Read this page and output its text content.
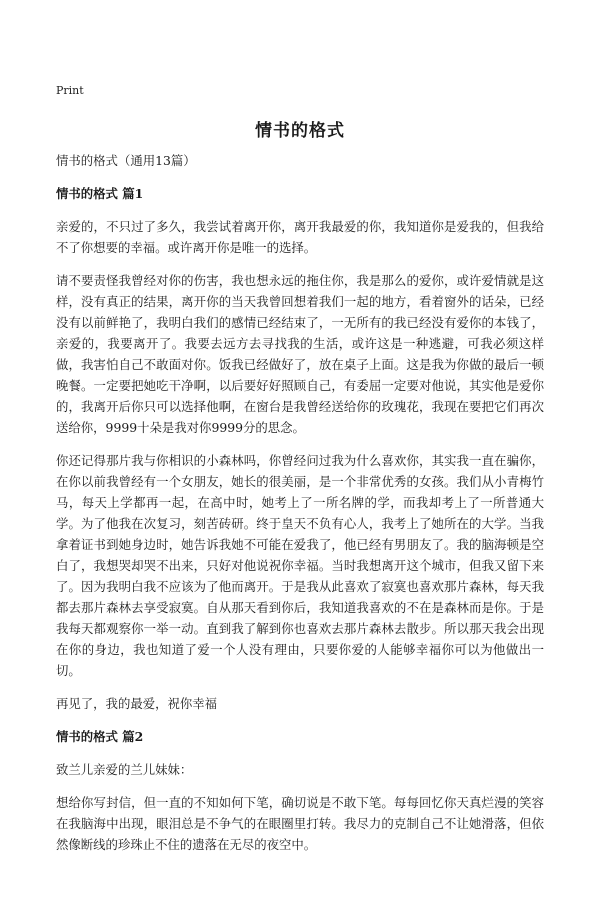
Print
情书的格式
情书的格式（通用13篇）
情书的格式 篇1

亲爱的，不只过了多久，我尝试着离开你，离开我最爱的你，我知道你是爱我的，但我给不了你想要的幸福。或许离开你是唯一的选择。

请不要责怪我曾经对你的伤害，我也想永远的拖住你，我是那么的爱你，或许爱情就是这样，没有真正的结果，离开你的当天我曾回想着我们一起的地方，看着窗外的话朵，已经没有以前鲜艳了，我明白我们的感情已经结束了，一无所有的我已经没有爱你的本钱了，亲爱的，我要离开了。我要去远方去寻找我的生活，或许这是一种逃避，可我必须这样做，我害怕自己不敢面对你。饭我已经做好了，放在桌子上面。这是我为你做的最后一顿晚餐。一定要把她吃干净啊，以后要好好照顾自己，有委屈一定要对他说，其实他是爱你的，我离开后你只可以选择他啊，在窗台是我曾经送给你的玫瑰花，我现在要把它们再次送给你，9999十朵是我对你9999分的思念。

你还记得那片我与你相识的小森林吗，你曾经问过我为什么喜欢你，其实我一直在骗你，在你以前我曾经有一个女朋友，她长的很美丽，是一个非常优秀的女孩。我们从小青梅竹马，每天上学都再一起，在高中时，她考上了一所名牌的学，而我却考上了一所普通大学。为了他我在次复习，刻苦砖研。终于皇天不负有心人，我考上了她所在的大学。当我拿着证书到她身边时，她告诉我她不可能在爱我了，他已经有男朋友了。我的脑海顿是空白了，我想哭却哭不出来，只好对他说祝你幸福。当时我想离开这个城市，但我又留下来了。因为我明白我不应该为了他而离开。于是我从此喜欢了寂寞也喜欢那片森林，每天我都去那片森林去享受寂寞。自从那天看到你后，我知道我喜欢的不在是森林而是你。于是我每天都观察你一举一动。直到我了解到你也喜欢去那片森林去散步。所以那天我会出现在你的身边，我也知道了爱一个人没有理由，只要你爱的人能够幸福你可以为他做出一切。

再见了，我的最爱，祝你幸福

情书的格式 篇2

致兰儿亲爱的兰儿妹妹：

想给你写封信，但一直的不知如何下笔，确切说是不敢下笔。每每回忆你天真烂漫的笑容在我脑海中出现，眼泪总是不争气的在眼圈里打转。我尽力的克制自己不让她滑落，但依然像断线的珍珠止不住的遗落在无尽的夜空中。
